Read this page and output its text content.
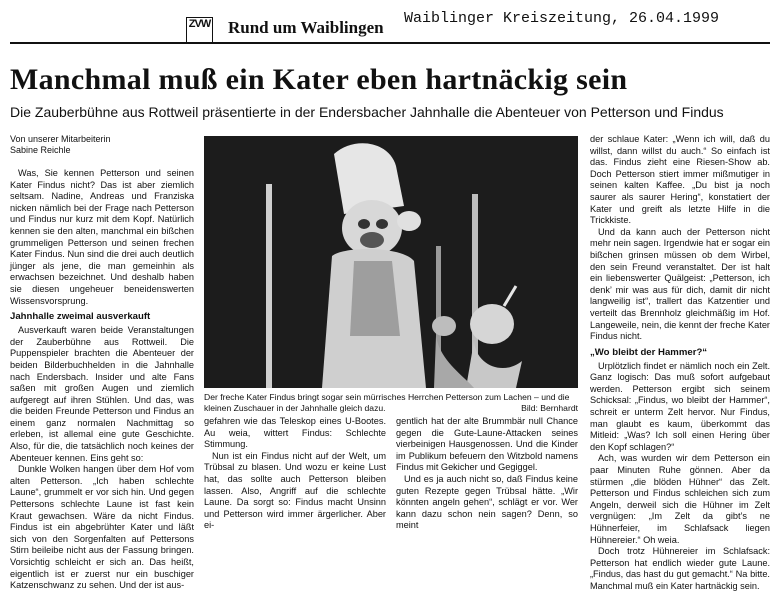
ZVW Rund um Waiblingen Waiblinger Kreiszeitung, 26.04.1999
Manchmal muß ein Kater eben hartnäckig sein
Die Zauberbühne aus Rottweil präsentierte in der Endersbacher Jahnhalle die Abenteuer von Petterson und Findus
Von unserer Mitarbeiterin
Sabine Reichle

Was, Sie kennen Petterson und seinen Kater Findus nicht? Das ist aber ziemlich seltsam. Nadine, Andreas und Franziska nicken nämlich bei der Frage nach Petterson und Findus nur kurz mit dem Kopf. Natürlich kennen sie den alten, manchmal ein bißchen grummeligen Petterson und seinen frechen Kater Findus. Nun sind die drei auch deutlich jünger als jene, die man gemeinhin als erwachsen bezeichnet. Und deshalb haben sie diesen ungeheuer beneidenswerten Wissensvorsprung.

Jahnhalle zweimal ausverkauft

Ausverkauft waren beide Veranstaltungen der Zauberbühne aus Rottweil. Die Puppenspieler brachten die Abenteuer der beiden Bilderbuchhelden in die Jahnhalle nach Endersbach. Insider und alte Fans saßen mit großen Augen und ziemlich aufgeregt auf ihren Stühlen. Und das, was die beiden Freunde Petterson und Findus an einem ganz normalen Nachmittag so erleben, ist allemal eine gute Geschichte. Also, für die, die tatsächlich noch keines der Abenteuer kennen. Eins geht so:

Dunkle Wolken hangen über dem Hof vom alten Petterson. „Ich haben schlechte Laune“, grummelt er vor sich hin. Und gegen Pettersons schlechte Laune ist fast kein Kraut gewachsen. Wäre da nicht Findus. Findus ist ein abgebrühter Kater und läßt sich von den Sorgenfalten auf Pettersons Stirn beileibe nicht aus der Fassung bringen. Vorsichtig schleicht er sich an. Das heißt, eigentlich ist er zuerst nur ein buschiger Katzenschwanz zu sehen. Und der ist aus-

Der freche Kater Findus bringt sogar sein mürrisches Herrchen Petterson zum Lachen – und die kleinen Zuschauer in der Jahnhalle gleich dazu.	Bild: Bernhardt

gefahren wie das Teleskop eines U-Bootes. Au weia, wittert Findus: Schlechte Stimmung.

Nun ist ein Findus nicht auf der Welt, um Trübsal zu blasen. Und wozu er keine Lust hat, das sollte auch Petterson bleiben lassen. Also, Angriff auf die schlechte Laune. Da sorgt so: Findus macht Unsinn und Petterson wird immer ärgerlicher. Aber ei-

gentlich hat der alte Brummbär null Chance gegen die Gute-Laune-Attacken seines vierbeinigen Hausgenossen. Und die Kinder im Publikum befeuern den Witzbold namens Findus mit Gekicher und Gegiggel.

Und es ja auch nicht so, daß Findus keine guten Rezepte gegen Trübsal hätte. „Wir könnten angeln gehen“, schlägt er vor. Wer kann dazu schon nein sagen? Denn, so meint

der schlaue Kater: „Wenn ich will, daß du willst, dann willst du auch.“ So einfach ist das. Findus zieht eine Riesen-Show ab. Doch Petterson stiert immer mißmutiger in seinen kalten Kaffee. „Du bist ja noch saurer als saurer Hering“, konstatiert der Kater und greift als letzte Hilfe in die Trickkiste.

Und da kann auch der Petterson nicht mehr nein sagen. Irgendwie hat er sogar ein bißchen grinsen müssen ob dem Wirbel, den sein Freund veranstaltet. Der ist halt ein liebenswerter Quälgeist: „Petterson, ich denk’ mir was aus für dich, damit dir nicht langweilig ist“, trallert das Katzentier und verteilt das Brennholz gleichmäßig im Hof. Langeweile, nein, die kennt der freche Kater Findus nicht.

„Wo bleibt der Hammer?“

Urplötzlich findet er nämlich noch ein Zelt. Ganz logisch: Das muß sofort aufgebaut werden. Petterson ergibt sich seinem Schicksal: „Findus, wo bleibt der Hammer“, schreit er unterm Zelt hervor. Nur Findus, man glaubt es kaum, überkommt das Mitleid: „Was? Ich soll einen Hering über den Kopf schlagen?“

Ach, was wurden wir dem Petterson ein paar Minuten Ruhe gönnen. Aber da stürmen „die blöden Hühner“ das Zelt. Petterson und Findus schleichen sich zum Angeln, derweil sich die Hühner im Zelt vergnügen: „Im Zelt da gibt’s ne Hühnerfeier, im Schlafsack liegen Hühnereier.“ Oh weia.

Doch trotz Hühnereier im Schlafsack: Petterson hat endlich wieder gute Laune. „Findus, das hast du gut gemacht.“ Na bitte. Manchmal muß ein Kater hartnäckig sein.
